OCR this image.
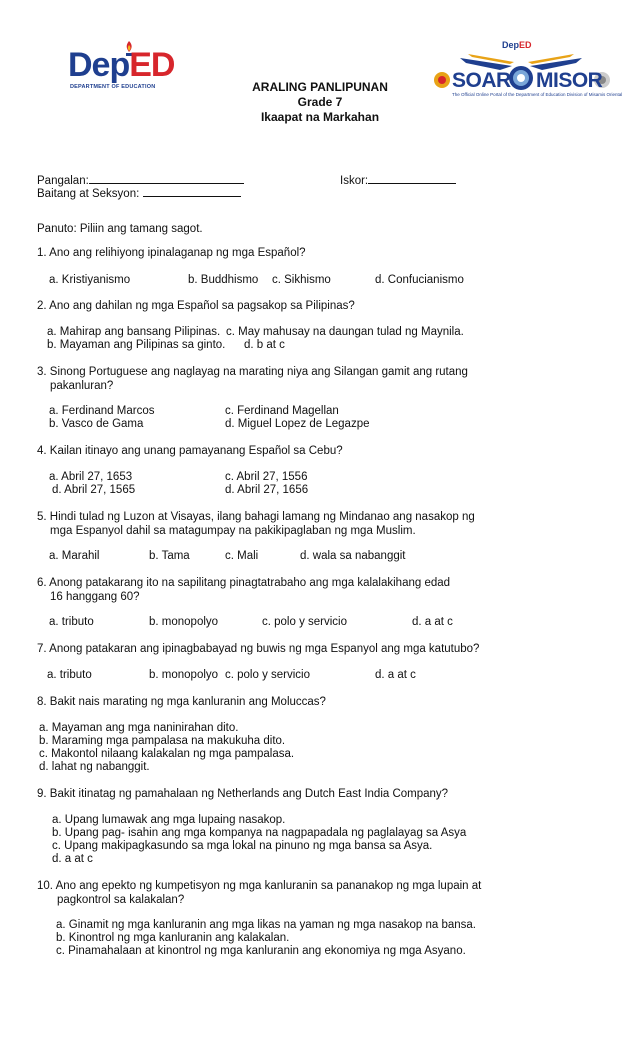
DepED
DEPARTMENT OF EDUCATION	ARALING PANLIPUNAN
Grade 7
Ikaapat na Markahan
DepED
SOAR MISOR
The Official Online Portal of the Department of Education Division of Misamis Oriental
Pangalan:	Iskor:
Baitang at Seksyon:
Panuto: Piliin ang tamang sagot.
1. Ano ang relihiyong ipinalaganap ng mga Español?
a. Kristiyanismo	b. Buddhismo c. Sikhismo	d. Confucianismo
2. Ano ang dahilan ng mga Español sa pagsakop sa Pilipinas?
a. Mahirap ang bansang Pilipinas. c. May mahusay na daungan tulad ng Maynila.
b. Mayaman ang Pilipinas sa ginto. d. b at c
3. Sinong Portuguese ang naglayag na marating niya ang Silangan gamit ang rutang
pakanluran?
a. Ferdinand Marcos	c. Ferdinand Magellan
b. Vasco de Gama	d. Miguel Lopez de Legazpe
4. Kailan itinayo ang unang pamayanang Español sa Cebu?
a. Abril 27, 1653	c. Abril 27, 1556
d. Abril 27, 1565	d. Abril 27, 1656
5. Hindi tulad ng Luzon at Visayas, ilang bahagi lamang ng Mindanao ang nasakop ng
mga Espanyol dahil sa matagumpay na pakikipaglaban ng mga Muslim.
a. Marahil	b. Tama	c. Mali	d. wala sa nabanggit
6. Anong patakarang ito na sapilitang pinagtatrabaho ang mga kalalakihang edad
16 hanggang 60?
a. tributo	b. monopolyo	c. polo y servicio	d. a at c
7. Anong patakaran ang ipinagbabayad ng buwis ng mga Espanyol ang mga katutubo?
a. tributo	b. monopolyo c. polo y servicio	d. a at c
8. Bakit nais marating ng mga kanluranin ang Moluccas?
a. Mayaman ang mga naninirahan dito.
b. Maraming mga pampalasa na makukuha dito.
c. Makontol nilaang kalakalan ng mga pampalasa.
d. lahat ng nabanggit.
9. Bakit itinatag ng pamahalaan ng Netherlands ang Dutch East India Company?
a. Upang lumawak ang mga lupaing nasakop.
b. Upang pag- isahin ang mga kompanya na nagpapadala ng paglalayag sa Asya
c. Upang makipagkasundo sa mga lokal na pinuno ng mga bansa sa Asya.
d. a at c
10. Ano ang epekto ng kumpetisyon ng mga kanluranin sa pananakop ng mga lupain at
pagkontrol sa kalakalan?
a. Ginamit ng mga kanluranin ang mga likas na yaman ng mga nasakop na bansa.
b. Kinontrol ng mga kanluranin ang kalakalan.
c. Pinamahalaan at kinontrol ng mga kanluranin ang ekonomiya ng mga Asyano.
